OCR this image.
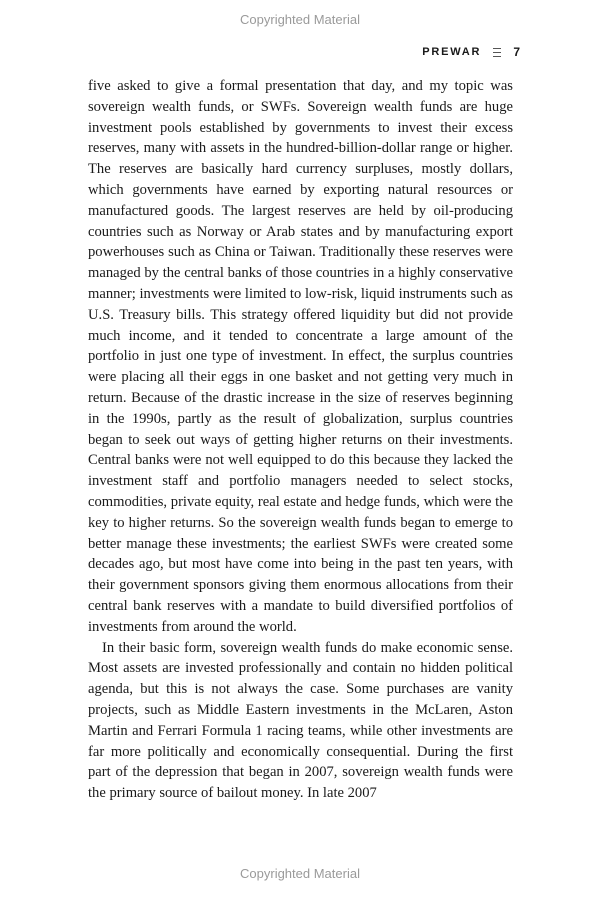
Copyrighted Material
PREWAR	7

five asked to give a formal presentation that day, and my topic was sovereign wealth funds, or SWFs. Sovereign wealth funds are huge investment pools established by governments to invest their excess reserves, many with assets in the hundred-billion-dollar range or higher. The reserves are basically hard currency surpluses, mostly dollars, which governments have earned by exporting natural resources or manufactured goods. The largest reserves are held by oil-producing countries such as Norway or Arab states and by manufacturing export powerhouses such as China or Taiwan. Traditionally these reserves were managed by the central banks of those countries in a highly conservative manner; investments were limited to low-risk, liquid instruments such as U.S. Treasury bills. This strategy offered liquidity but did not provide much income, and it tended to concentrate a large amount of the portfolio in just one type of investment. In effect, the surplus countries were placing all their eggs in one basket and not getting very much in return. Because of the drastic increase in the size of reserves beginning in the 1990s, partly as the result of globalization, surplus countries began to seek out ways of getting higher returns on their investments. Central banks were not well equipped to do this because they lacked the investment staff and portfolio managers needed to select stocks, commodities, private equity, real estate and hedge funds, which were the key to higher returns. So the sovereign wealth funds began to emerge to better manage these investments; the earliest SWFs were created some decades ago, but most have come into being in the past ten years, with their government sponsors giving them enormous allocations from their central bank reserves with a mandate to build diversified portfolios of investments from around the world.

In their basic form, sovereign wealth funds do make economic sense. Most assets are invested professionally and contain no hidden political agenda, but this is not always the case. Some purchases are vanity projects, such as Middle Eastern investments in the McLaren, Aston Martin and Ferrari Formula 1 racing teams, while other investments are far more politically and economically consequential. During the first part of the depression that began in 2007, sovereign wealth funds were the primary source of bailout money. In late 2007

Copyrighted Material
